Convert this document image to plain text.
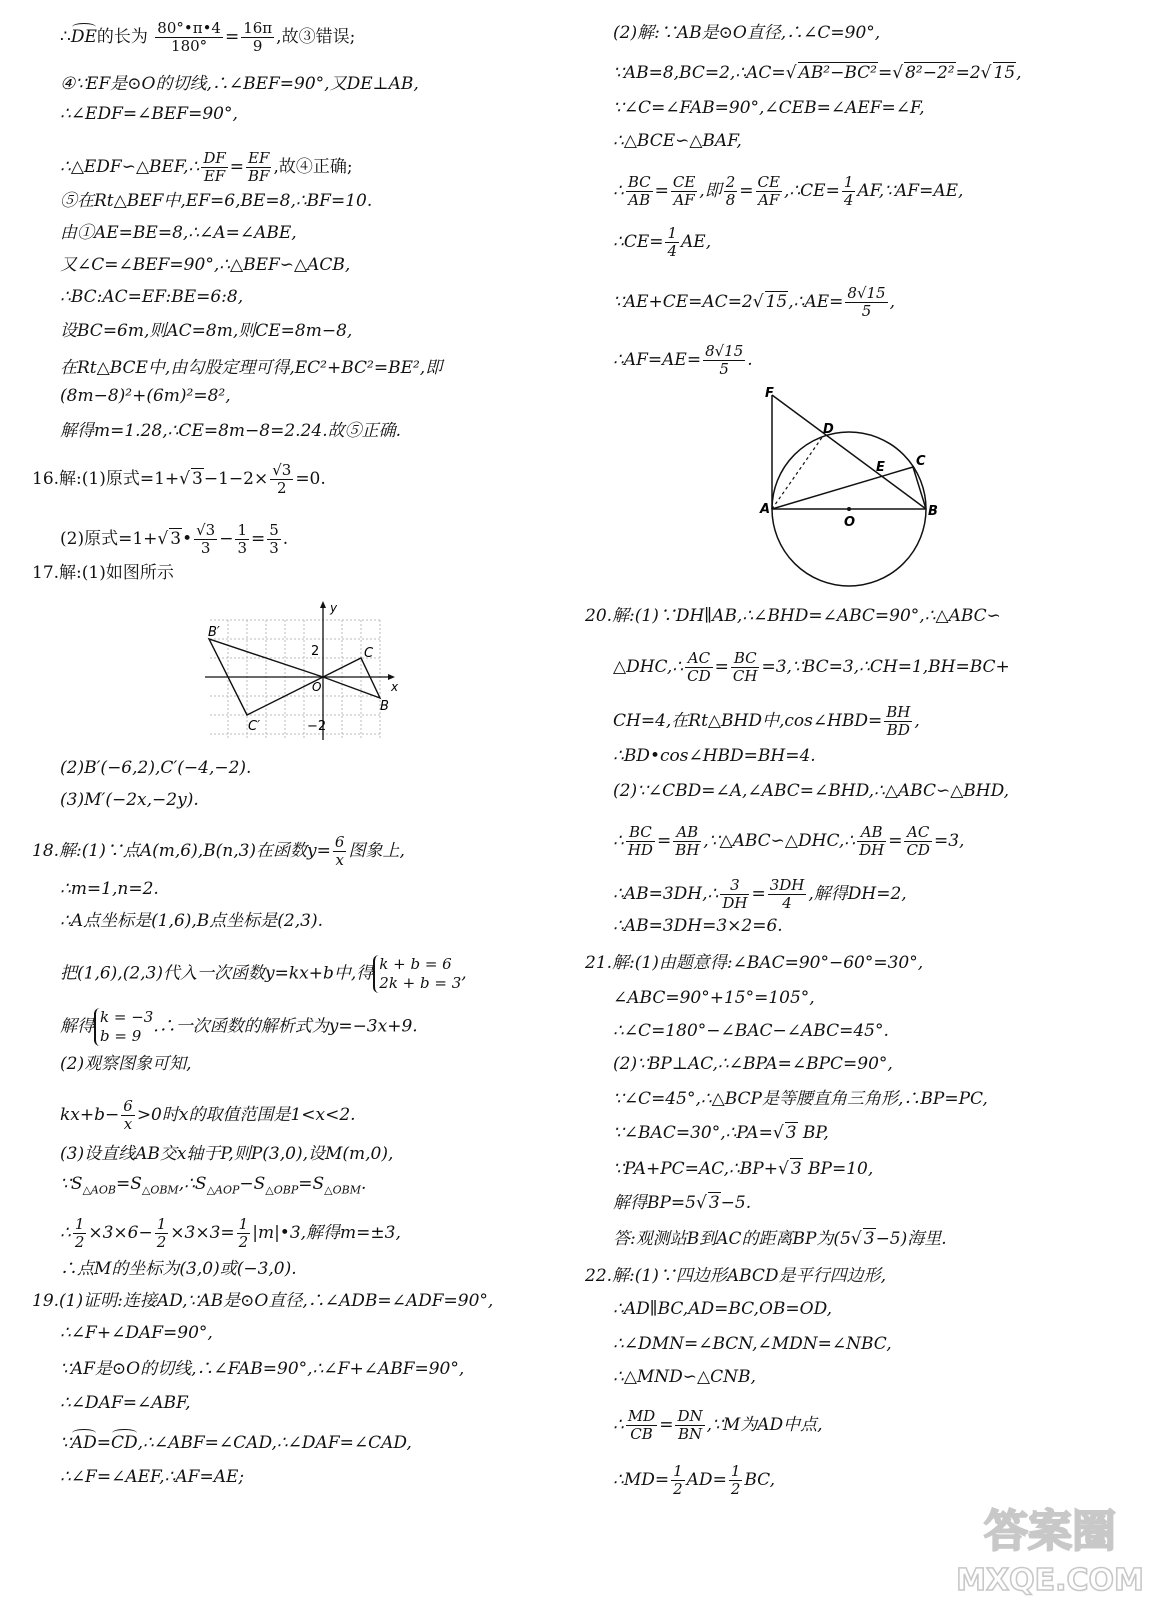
∴DE的长为 $\frac{80^\circ•\pi•4}{180^\circ} = \frac{16\pi}{9}$ ,故③错误;
④∵EF是⊙O的切线,∴∠BEF=90°,又DE⊥AB,
∴∠EDF=∠BEF=90°,
∴△EDF∽△BEF,∴ $\frac{DF}{EF} = \frac{EF}{BF}$ ,故④正确;
⑤在Rt△BEF中,EF=6,BE=8,∴BF=10.
由①AE=BE=8,∴∠A=∠ABE,
又∠C=∠BEF=90°,∴△BEF∽△ACB,
∴BC:AC=EF:BE=6:8,
设BC=6m,则AC=8m,则CE=8m−8,
在Rt△BCE中,由勾股定理可得,EC²+BC²=BE²,即
(8m−8)²+(6m)²=8²,
解得m=1.28,∴CE=8m−8=2.24.故⑤正确.
16.解:(1)原式=1+√ $3-1-2\times \frac{√3}{2} =0$.
(2)原式=1+√ 3• $\frac{√3}{3} - \frac{1}{3} = \frac{5}{3}$ .
17.解:(1)如图所示
B′
C
C′
O
B
x
y
2
−2
(2)B′(−6,2),C′(−4,−2).
(3)M′(−2x,−2y).
18.解:(1)∵点A(m,6),B(n,3)在函数$y= \frac{6}{x}$ 图象上,
∴m=1,n=2.
∴A点坐标是(1,6),B点坐标是(2,3).
把(1,6),(2,3)代入一次函数y=kx+b中,得 k + b = 6
2k + b = 3 ,
解得 k = −3
b = 9 .∴一次函数的解析式为y=−3x+9.
(2)观察图象可知,
$kx+b- \frac{6}{x} >0$时x的取值范围是1<x<2.
(3)设直线AB交x轴于P,则P(3,0),设M(m,0),
$\because S_{\triangle AOB}=S_{\triangle OBM},\therefore S_{\triangle AOP}-S_{\triangle OBP}=S_{\triangle OBM}$.
∴ $\frac{1}{2} \times 3\times 6- \frac{1}{2} \times 3\times 3= \frac{1}{2}$ |m|•3,解得m=±3,
∴点M的坐标为(3,0)或(−3,0).
19.(1)证明:连接AD,∵AB是⊙O直径,∴∠ADB=∠ADF=90°,
∴∠F+∠DAF=90°,
∵AF是⊙O的切线,∴∠FAB=90°,∴∠F+∠ABF=90°,
∴∠DAF=∠ABF,
∵AD=CD,∴∠ABF=∠CAD,∴∠DAF=∠CAD,
∴∠F=∠AEF,∴AF=AE;
(2)解:∵AB是⊙O直径,∴∠C=90°,
∵AB=8,BC=2,∴AC=√ AB²−BC²=√ 8²−2²=2√ 15,
∵∠C=∠FAB=90°,∠CEB=∠AEF=∠F,
∴△BCE∽△BAF,
∴ $\frac{BC}{AB} = \frac{CE}{AF}$ ,即 $\frac{2}{8} = \frac{CE}{AF}$ ,∴CE= $\frac{1}{4}$ AF,∵AF=AE,
∴CE= $\frac{1}{4}$ AE,
∵AE+CE=AC=2√ 15,∴AE= $\frac{8√15}{5}$ ,
∴AF=AE= $\frac{8√15}{5}$ .
F
D
E C
A
O
B
20.解:(1)∵DH∥AB,∴∠BHD=∠ABC=90°,∴△ABC∽
△DHC,∴ $\frac{AC}{CD} = \frac{BC}{CH}$ =3,∵BC=3,∴CH=1,BH=BC+
CH=4,在Rt△BHD中,cos∠HBD= $\frac{BH}{BD}$ ,
∴BD•cos∠HBD=BH=4.
(2)∵∠CBD=∠A,∠ABC=∠BHD,∴△ABC∽△BHD,
∴ $\frac{BC}{HD} = \frac{AB}{BH}$ ,∵△ABC∽△DHC,∴ $\frac{AB}{DH} = \frac{AC}{CD} =3$,
∴AB=3DH,∴ $\frac{3}{DH} = \frac{3DH}{4}$ ,解得DH=2,
∴AB=3DH=3×2=6.
21.解:(1)由题意得:∠BAC=90°−60°=30°,
∠ABC=90°+15°=105°,
∴∠C=180°−∠BAC−∠ABC=45°.
(2)∵BP⊥AC,∴∠BPA=∠BPC=90°,
∵∠C=45°,∴△BCP是等腰直角三角形,∴BP=PC,
∵∠BAC=30°,∴PA=√ 3 BP,
∵PA+PC=AC,∴BP+√ 3 BP=10,
解得BP=5√ 3−5.
答:观测站B到AC的距离BP为(5√ 3−5)海里.
22.解:(1)∵四边形ABCD是平行四边形,
∴AD∥BC,AD=BC,OB=OD,
∴∠DMN=∠BCN,∠MDN=∠NBC,
∴△MND∽△CNB,
∴ $\frac{MD}{CB} = \frac{DN}{BN}$ ,∵M为AD中点,
∴MD= $\frac{1}{2} AD= \frac{1}{2}$ BC,
答案圈
MXQE.COM
